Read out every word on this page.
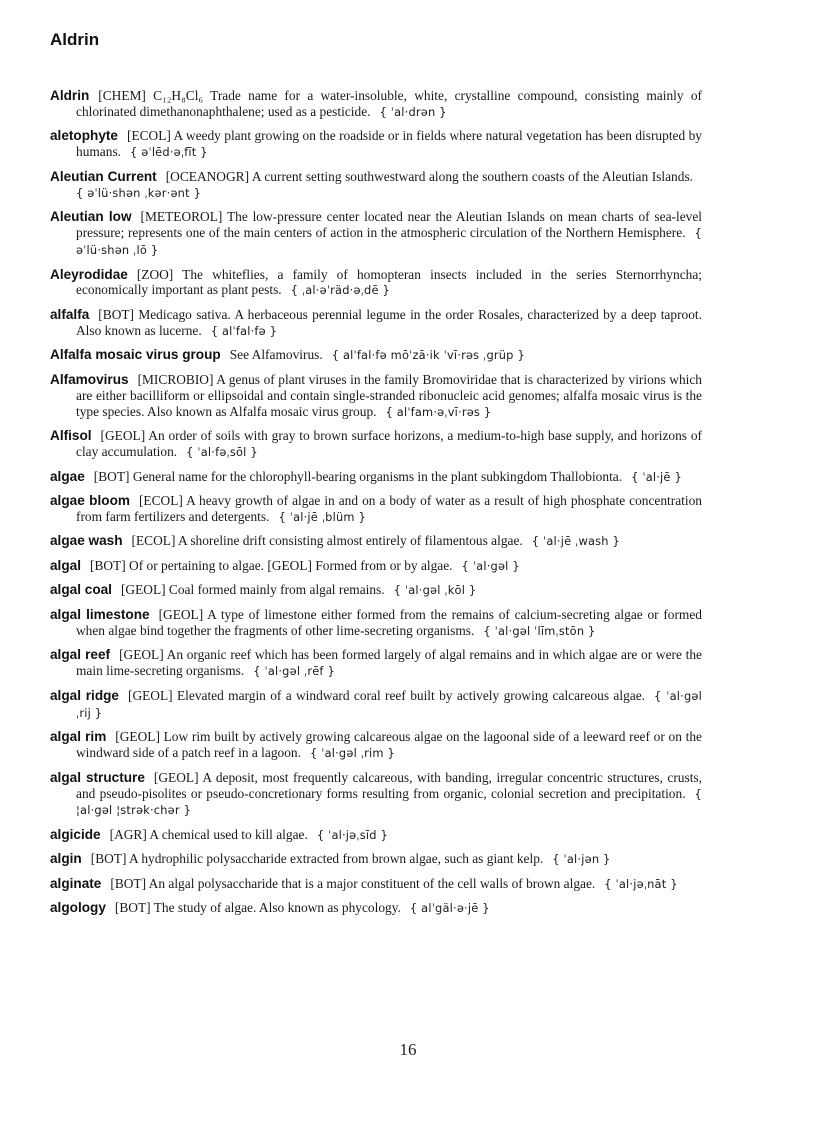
Aldrin

Aldrin [CHEM] C₁₂H₈Cl₆ Trade name for a water-insoluble, white, crystalline compound, consisting mainly of chlorinated dimethanonaphthalene; used as a pesticide. { ˈal·drən }

aletophyte [ECOL] A weedy plant growing on the roadside or in fields where natural vegetation has been disrupted by humans. { əˈlēd·əˌfīt }

Aleutian Current [OCEANOGR] A current setting southwestward along the southern coasts of the Aleutian Islands.{ əˈlü·shən ˌkər·ənt }

Aleutian low [METEOROL] The low-pressure center located near the Aleutian Islands on mean charts of sea-level pressure; represents one of the main centers of action in the atmospheric circulation of the Northern Hemisphere. { əˈlü·shən ˌlō }

Aleyrodidae [ZOO] The whiteflies, a family of homopteran insects included in the series Sternorrhyncha; economically important as plant pests. { ˌal·əˈräd·əˌdē }

alfalfa [BOT] Medicago sativa. A herbaceous perennial legume in the order Rosales, characterized by a deep taproot. Also known as lucerne. { alˈfal·fə }

Alfalfa mosaic virus group See Alfamovirus. { alˈfal·fə mōˈzā·ik ˈvī·rəs ˌgrüp }

Alfamovirus [MICROBIO] A genus of plant viruses in the family Bromoviridae that is characterized by virions which are either bacilliform or ellipsoidal and contain single-stranded ribonucleic acid genomes; alfalfa mosaic virus is the type species. Also known as Alfalfa mosaic virus group. { alˈfam·əˌvī·rəs }

Alfisol [GEOL] An order of soils with gray to brown surface horizons, a medium-to-high base supply, and horizons of clay accumulation. { ˈal·fəˌsōl }

algae [BOT] General name for the chlorophyll-bearing organisms in the plant subkingdom Thallobionta. { ˈal·jē }

algae bloom [ECOL] A heavy growth of algae in and on a body of water as a result of high phosphate concentration from farm fertilizers and detergents. { ˈal·jē ˌblüm }

algae wash [ECOL] A shoreline drift consisting almost entirely of filamentous algae. { ˈal·jē ˌwash }

algal [BOT] Of or pertaining to algae. [GEOL] Formed from or by algae. { ˈal·gəl }

algal coal [GEOL] Coal formed mainly from algal remains. { ˈal·gəl ˌkōl }

algal limestone [GEOL] A type of limestone either formed from the remains of calcium-secreting algae or formed when algae bind together the fragments of other lime-secreting organisms. { ˈal·gəl ˈlīmˌstōn }

algal reef [GEOL] An organic reef which has been formed largely of algal remains and in which algae are or were the main lime-secreting organisms. { ˈal·gəl ˌrēf }

algal ridge [GEOL] Elevated margin of a windward coral reef built by actively growing calcareous algae. { ˈal·gəl ˌrij }

algal rim [GEOL] Low rim built by actively growing calcareous algae on the lagoonal side of a leeward reef or on the windward side of a patch reef in a lagoon. { ˈal·gəl ˌrim }

algal structure [GEOL] A deposit, most frequently calcareous, with banding, irregular concentric structures, crusts, and pseudo-pisolites or pseudo-concretionary forms resulting from organic, colonial secretion and precipitation. { ¦al·gəl ¦strək·chər }

algicide [AGR] A chemical used to kill algae. { ˈal·jəˌsīd }

algin [BOT] A hydrophilic polysaccharide extracted from brown algae, such as giant kelp. { ˈal·jən }

alginate [BOT] An algal polysaccharide that is a major constituent of the cell walls of brown algae. { ˈal·jəˌnāt }

algology [BOT] The study of algae. Also known as phycology. { alˈgäl·ə·jē }

16
